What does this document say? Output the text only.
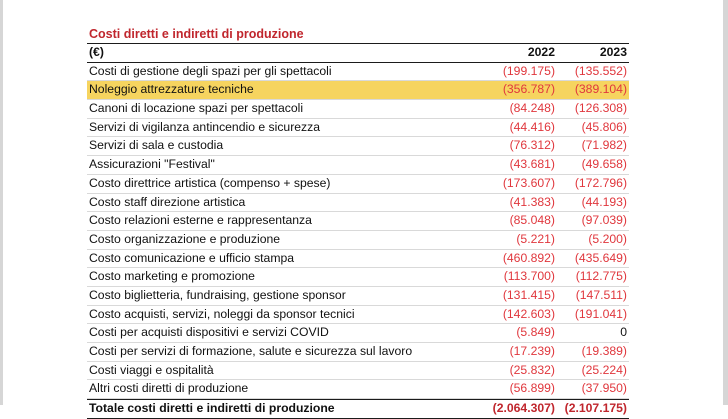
Costi diretti e indiretti di produzione
(€)	2022	2023
Costi di gestione degli spazi per gli spettacoli	(199.175)	(135.552)
Noleggio attrezzature tecniche	(356.787)	(389.104)
Canoni di locazione spazi per spettacoli	(84.248)	(126.308)
Servizi di vigilanza antincendio e sicurezza	(44.416)	(45.806)
Servizi di sala e custodia	(76.312)	(71.982)
Assicurazioni "Festival"	(43.681)	(49.658)
Costo direttrice artistica (compenso + spese)	(173.607)	(172.796)
Costo staff direzione artistica	(41.383)	(44.193)
Costo relazioni esterne e rappresentanza	(85.048)	(97.039)
Costo organizzazione e produzione	(5.221)	(5.200)
Costo comunicazione e ufficio stampa	(460.892)	(435.649)
Costo marketing e promozione	(113.700)	(112.775)
Costo biglietteria, fundraising, gestione sponsor	(131.415)	(147.511)
Costo acquisti, servizi, noleggi da sponsor tecnici	(142.603)	(191.041)
Costi per acquisti dispositivi e servizi COVID	(5.849)	0
Costi per servizi di formazione, salute e sicurezza sul lavoro	(17.239)	(19.389)
Costi viaggi e ospitalità	(25.832)	(25.224)
Altri costi diretti di produzione	(56.899)	(37.950)
Totale costi diretti e indiretti di produzione	(2.064.307) (2.107.175)
